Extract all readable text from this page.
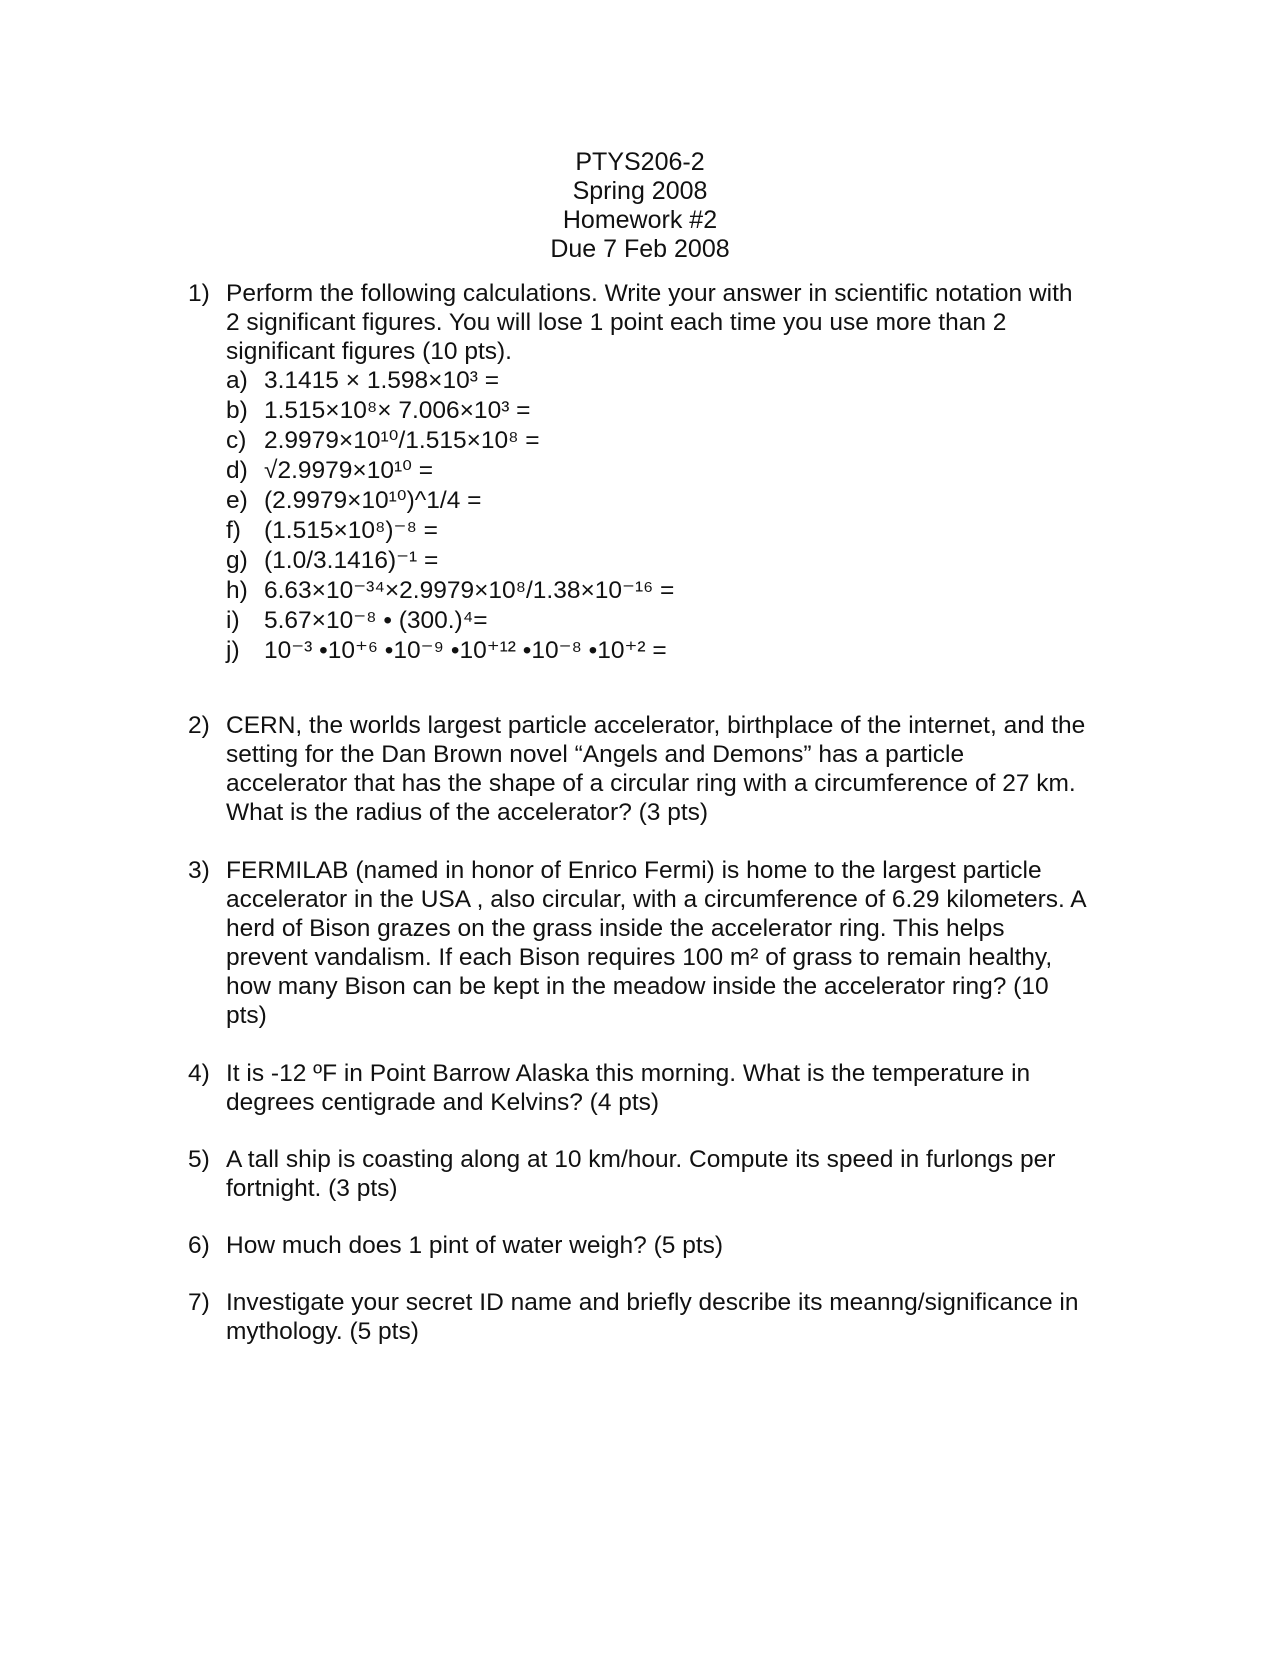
PTYS206-2
Spring 2008
Homework #2
Due 7 Feb 2008
1) Perform the following calculations. Write your answer in scientific notation with 2 significant figures. You will lose 1 point each time you use more than 2 significant figures (10 pts).

a) 3.1415 × 1.598×10³ =
b) 1.515×10⁸× 7.006×10³ =
c) 2.9979×10¹⁰/1.515×10⁸ =
d) √2.9979×10¹⁰ =
e) (2.9979×10¹⁰)^1/4 =
f) (1.515×10⁸)⁻⁸ =
g) (1.0/3.1416)⁻¹ =
h) 6.63×10⁻³⁴×2.9979×10⁸/1.38×10⁻¹⁶ =
i) 5.67×10⁻⁸ • (300.)⁴=
j) 10⁻³ •10⁺⁶ •10⁻⁹ •10⁺¹² •10⁻⁸ •10⁺² =
2) CERN, the worlds largest particle accelerator, birthplace of the internet, and the setting for the Dan Brown novel “Angels and Demons” has a particle accelerator that has the shape of a circular ring with a circumference of 27 km. What is the radius of the accelerator? (3 pts)

3) FERMILAB (named in honor of Enrico Fermi) is home to the largest particle accelerator in the USA , also circular, with a circumference of 6.29 kilometers. A herd of Bison grazes on the grass inside the accelerator ring. This helps prevent vandalism. If each Bison requires 100 m² of grass to remain healthy, how many Bison can be kept in the meadow inside the accelerator ring? (10 pts)

4) It is -12 ºF in Point Barrow Alaska this morning. What is the temperature in degrees centigrade and Kelvins? (4 pts)

5) A tall ship is coasting along at 10 km/hour. Compute its speed in furlongs per fortnight. (3 pts)

6) How much does 1 pint of water weigh? (5 pts)

7) Investigate your secret ID name and briefly describe its meanng/significance in mythology. (5 pts)
